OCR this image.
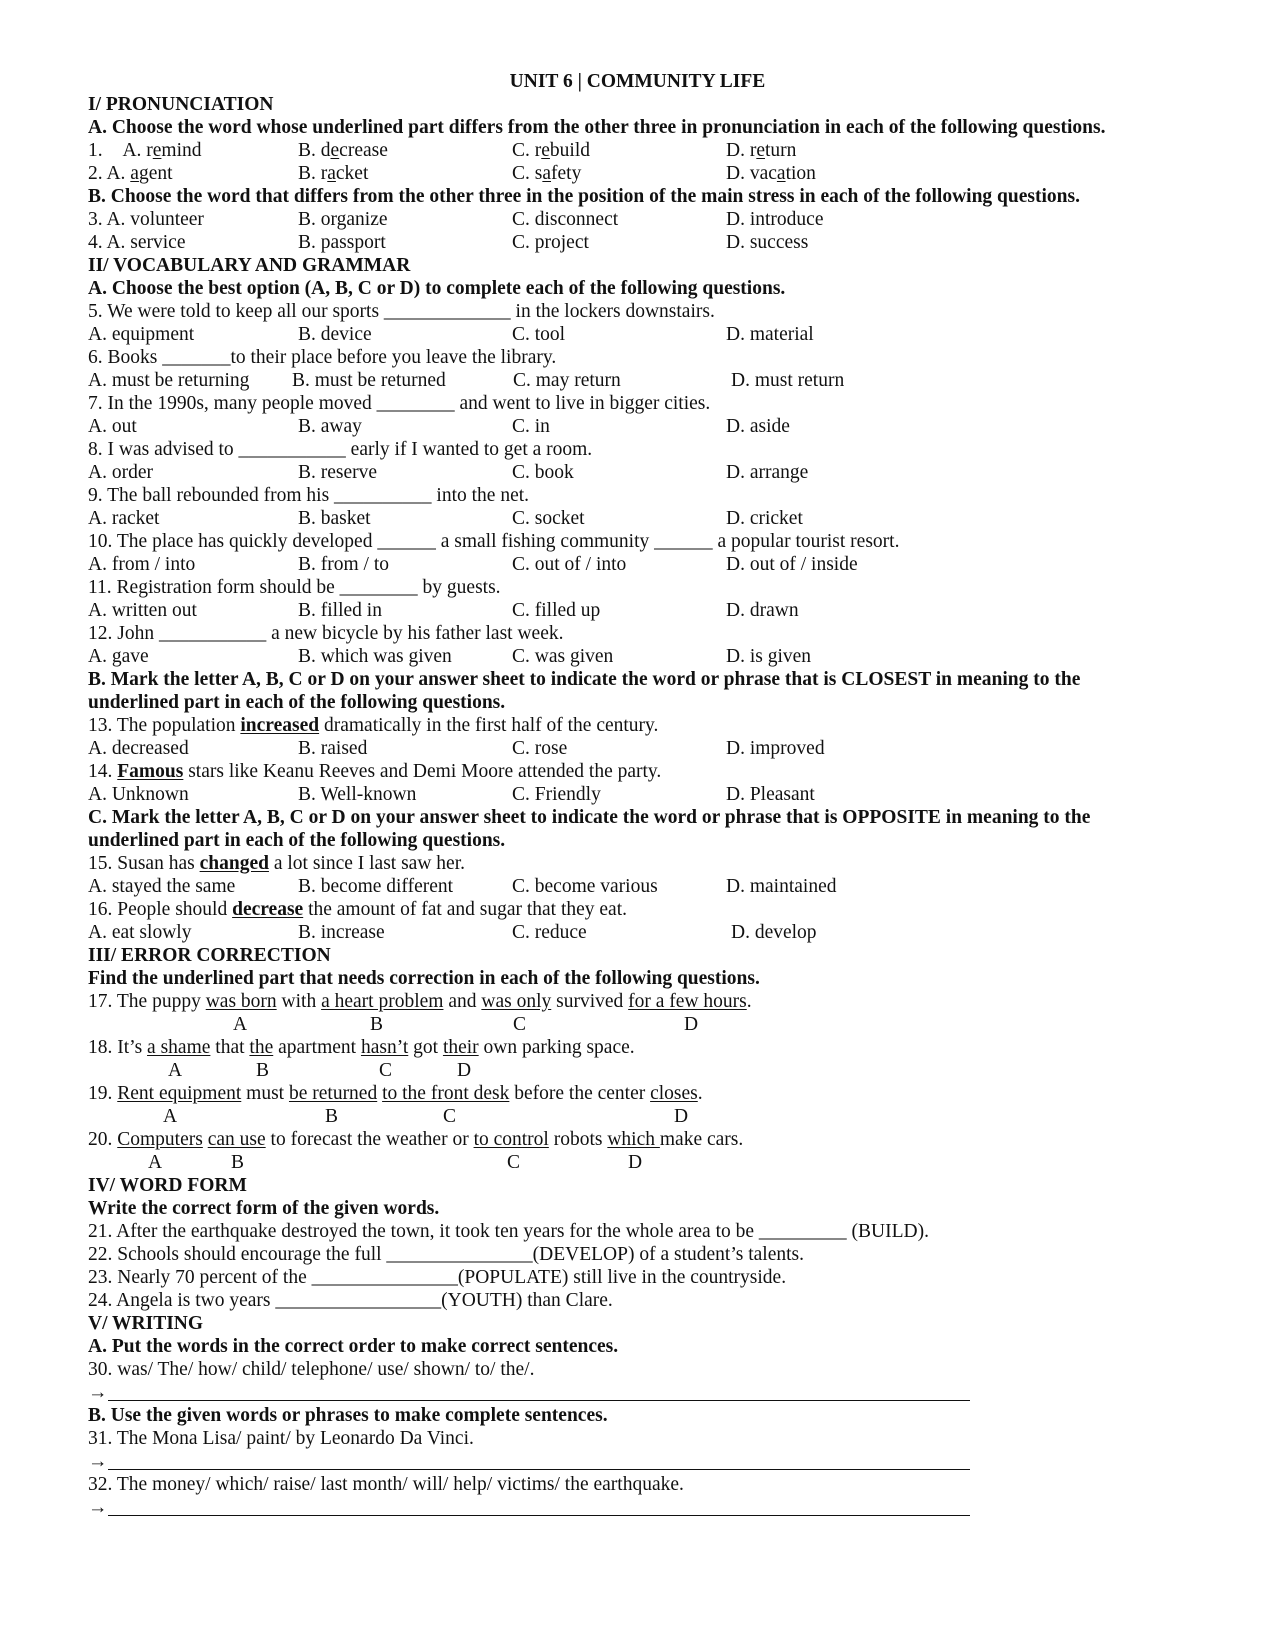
UNIT 6 | COMMUNITY LIFE
I/ PRONUNCIATION
A. Choose the word whose underlined part differs from the other three in pronunciation in each of the following questions.
1. A. remind	B. decrease	C. rebuild	D. return
2. A. agent	B. racket	C. safety	D. vacation
B. Choose the word that differs from the other three in the position of the main stress in each of the following questions.
3. A. volunteer	B. organize	C. disconnect	D. introduce
4. A. service	B. passport	C. project	D. success
II/ VOCABULARY AND GRAMMAR
A. Choose the best option (A, B, C or D) to complete each of the following questions.
5. We were told to keep all our sports _____________ in the lockers downstairs.
A. equipment	B. device	C. tool	D. material
6. Books _______to their place before you leave the library.
A. must be returning B. must be returned	C. may return	D. must return
7. In the 1990s, many people moved ________ and went to live in bigger cities.
A. out	B. away	C. in	D. aside
8. I was advised to ___________ early if I wanted to get a room.
A. order	B. reserve	C. book	D. arrange
9. The ball rebounded from his __________ into the net.
A. racket	B. basket	C. socket	D. cricket
10. The place has quickly developed ______ a small fishing community ______ a popular tourist resort.
A. from / into	B. from / to	C. out of / into	D. out of / inside
11. Registration form should be ________ by guests.
A. written out	B. filled in	C. filled up	D. drawn
12. John ___________ a new bicycle by his father last week.
A. gave	B. which was given	C. was given	D. is given
B. Mark the letter A, B, C or D on your answer sheet to indicate the word or phrase that is CLOSEST in meaning to the
underlined part in each of the following questions.
13. The population increased dramatically in the first half of the century.
A. decreased	B. raised	C. rose	D. improved
14. Famous stars like Keanu Reeves and Demi Moore attended the party.
A. Unknown	B. Well-known	C. Friendly	D. Pleasant
C. Mark the letter A, B, C or D on your answer sheet to indicate the word or phrase that is OPPOSITE in meaning to the
underlined part in each of the following questions.
15. Susan has changed a lot since I last saw her.
A. stayed the same	B. become different	C. become various	D. maintained
16. People should decrease the amount of fat and sugar that they eat.
A. eat slowly	B. increase	C. reduce	D. develop
III/ ERROR CORRECTION
Find the underlined part that needs correction in each of the following questions.
17. The puppy was born with a heart problem and was only survived for a few hours.
A	B	C	D
18. It’s a shame that the apartment hasn’t got their own parking space.
A	B	C	D
19. Rent equipment must be returned to the front desk before the center closes.
A	B	C	D
20. Computers can use to forecast the weather or to control robots which make cars.
A	B	C	D
IV/ WORD FORM
Write the correct form of the given words.
21. After the earthquake destroyed the town, it took ten years for the whole area to be _________ (BUILD).
22. Schools should encourage the full _______________(DEVELOP) of a student’s talents.
23. Nearly 70 percent of the _______________(POPULATE) still live in the countryside.
24. Angela is two years _________________(YOUTH) than Clare.
V/ WRITING
A. Put the words in the correct order to make correct sentences.
30. was/ The/ how/ child/ telephone/ use/ shown/ to/ the/.
→
B. Use the given words or phrases to make complete sentences.
31. The Mona Lisa/ paint/ by Leonardo Da Vinci.
→
32. The money/ which/ raise/ last month/ will/ help/ victims/ the earthquake.
→
